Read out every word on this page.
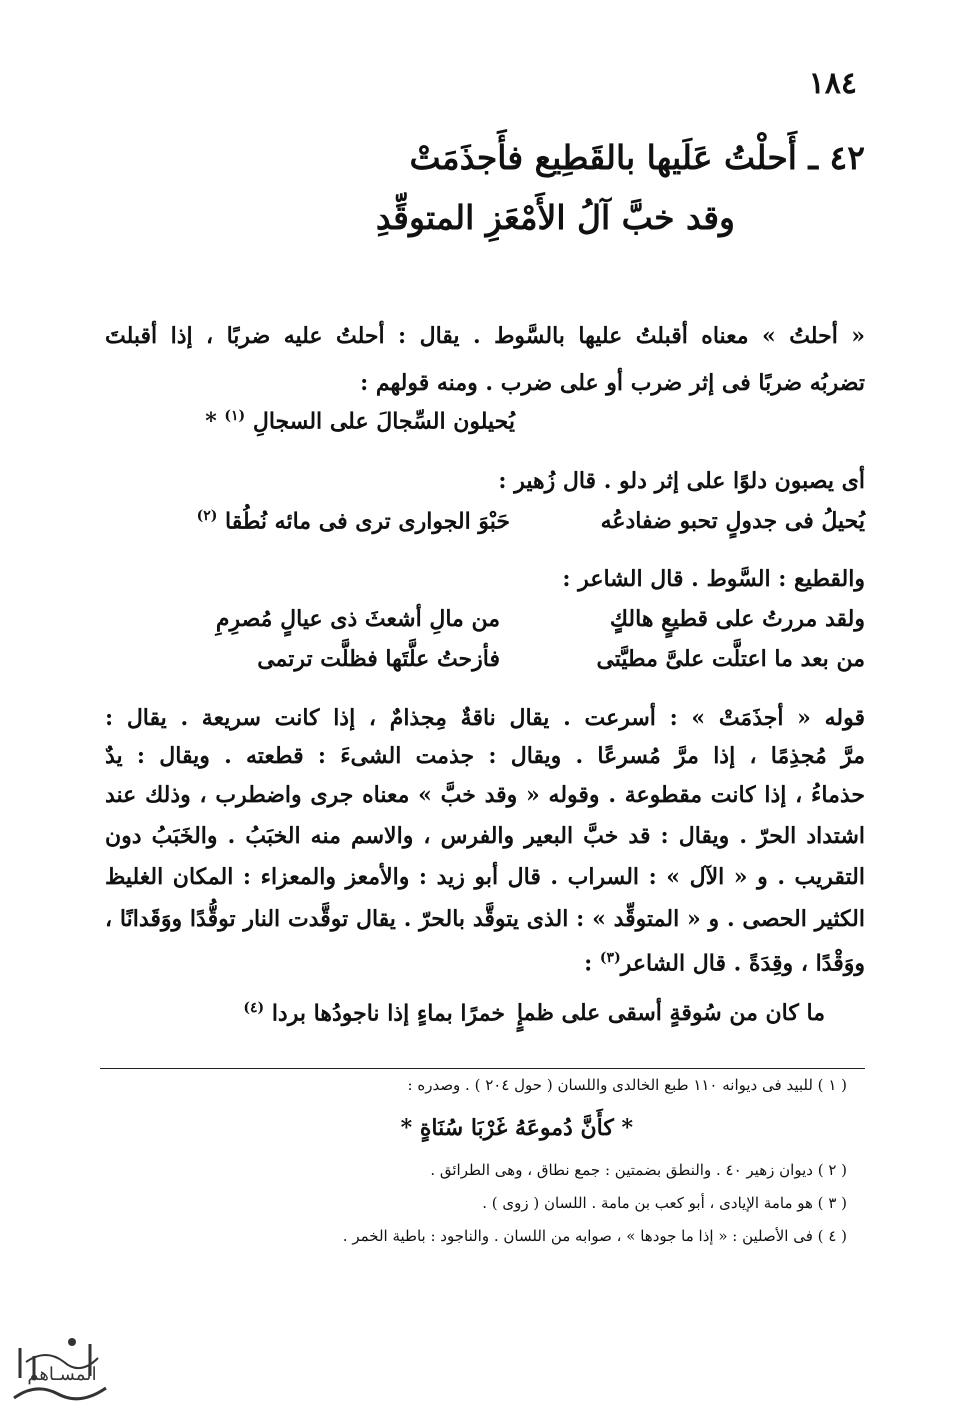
١٨٤
٤٢ ـ أَحلْتُ عَلَيها بالقَطِيع فأَجذَمَتْ
وقد خبَّ آلُ الأَمْعَزِ المتوقِّدِ
« أحلتُ » معناه أقبلتُ عليها بالسَّوط . يقال : أحلتُ عليه ضربًا ، إذا أقبلتَ
تضربُه ضربًا فى إثر ضرب أو على ضرب . ومنه قولهم :
يُحيلون السِّجالَ على السجالِ $^{(١)}$ *
أى يصبون دلوًا على إثر دلو . قال زُهير :
يُحيلُ فى جدولٍ تحبو ضفادعُه
حَبْوَ الجوارى ترى فى مائه نُطُقا $^{(٢)}$
والقطيع : السَّوط . قال الشاعر :
ولقد مررتُ على قطيعٍ هالكٍ
من مالِ أشعثَ ذى عيالٍ مُصرِمِ
من بعد ما اعتلَّت علىَّ مطيَّتى
فأزحتُ علَّتَها فظلَّت ترتمى
قوله « أجذَمَتْ » : أسرعت . يقال ناقةٌ مِجذامٌ ، إذا كانت سريعة . يقال :
مرَّ مُجذِمًا ، إذا مرَّ مُسرعًا . ويقال : جذمت الشىءَ : قطعته . ويقال : يدٌ
حذماءُ ، إذا كانت مقطوعة . وقوله « وقد خبَّ » معناه جرى واضطرب ، وذلك عند
اشتداد الحرّ . ويقال : قد خبَّ البعير والفرس ، والاسم منه الخبَبُ . والخَبَبُ دون
التقريب . و « الآل » : السراب . قال أبو زيد : والأمعز والمعزاء : المكان الغليظ
الكثير الحصى . و « المتوقِّد » : الذى يتوقَّد بالحرّ . يقال توقَّدت النار توقُّدًا ووَقَدانًا ،
ووَقْدًا ، وقِدَةً . قال الشاعر$^{(٣)}$ :
ما كان من سُوقةٍ أسقى على ظمإٍ
خمرًا بماءٍ إذا ناجودُها بردا $^{(٤)}$
( ١ ) للبيد فى ديوانه ١١٠ طبع الخالدى واللسان ( حول ٢٠٤ ) . وصدره :
* كأَنَّ دُموعَهُ غَرْبَا سُنَاةٍ *
( ٢ ) ديوان زهير ٤٠ . والنطق بضمتين : جمع نطاق ، وهى الطرائق .
( ٣ ) هو مامة الإيادى ، أبو كعب بن مامة . اللسان ( زوى ) .
( ٤ ) فى الأصلين : « إذا ما جودها » ، صوابه من اللسان . والناجود : باطية الخمر .
المسـاهم
